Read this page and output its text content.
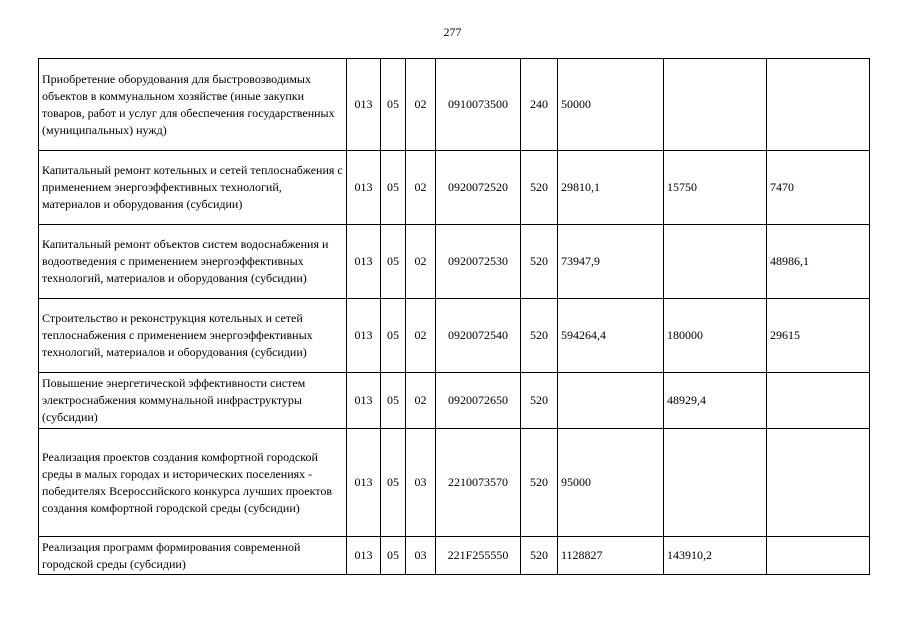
277
Приобретение оборудования для быстровозводимых объектов в коммунальном хозяйстве (иные закупки товаров, работ и услуг для обеспечения государственных (муниципальных) нужд)	013	05	02	0910073500	240	50000		
Капитальный ремонт котельных и сетей теплоснабжения с применением энергоэффективных технологий, материалов и оборудования (субсидии)	013	05	02	0920072520	520	29810,1	15750	7470
Капитальный ремонт объектов систем водоснабжения и водоотведения с применением энергоэффективных технологий, материалов и оборудования (субсидии)	013	05	02	0920072530	520	73947,9		48986,1
Строительство и реконструкция котельных и сетей теплоснабжения с применением энергоэффективных технологий, материалов и оборудования (субсидии)	013	05	02	0920072540	520	594264,4	180000	29615
Повышение энергетической эффективности систем электроснабжения коммунальной инфраструктуры (субсидии)	013	05	02	0920072650	520		48929,4	
Реализация проектов создания комфортной городской среды в малых городах и исторических поселениях - победителях Всероссийского конкурса лучших проектов создания комфортной городской среды (субсидии)	013	05	03	2210073570	520	95000		
Реализация программ формирования современной городской среды (субсидии)	013	05	03	221F255550	520	1128827	143910,2	
